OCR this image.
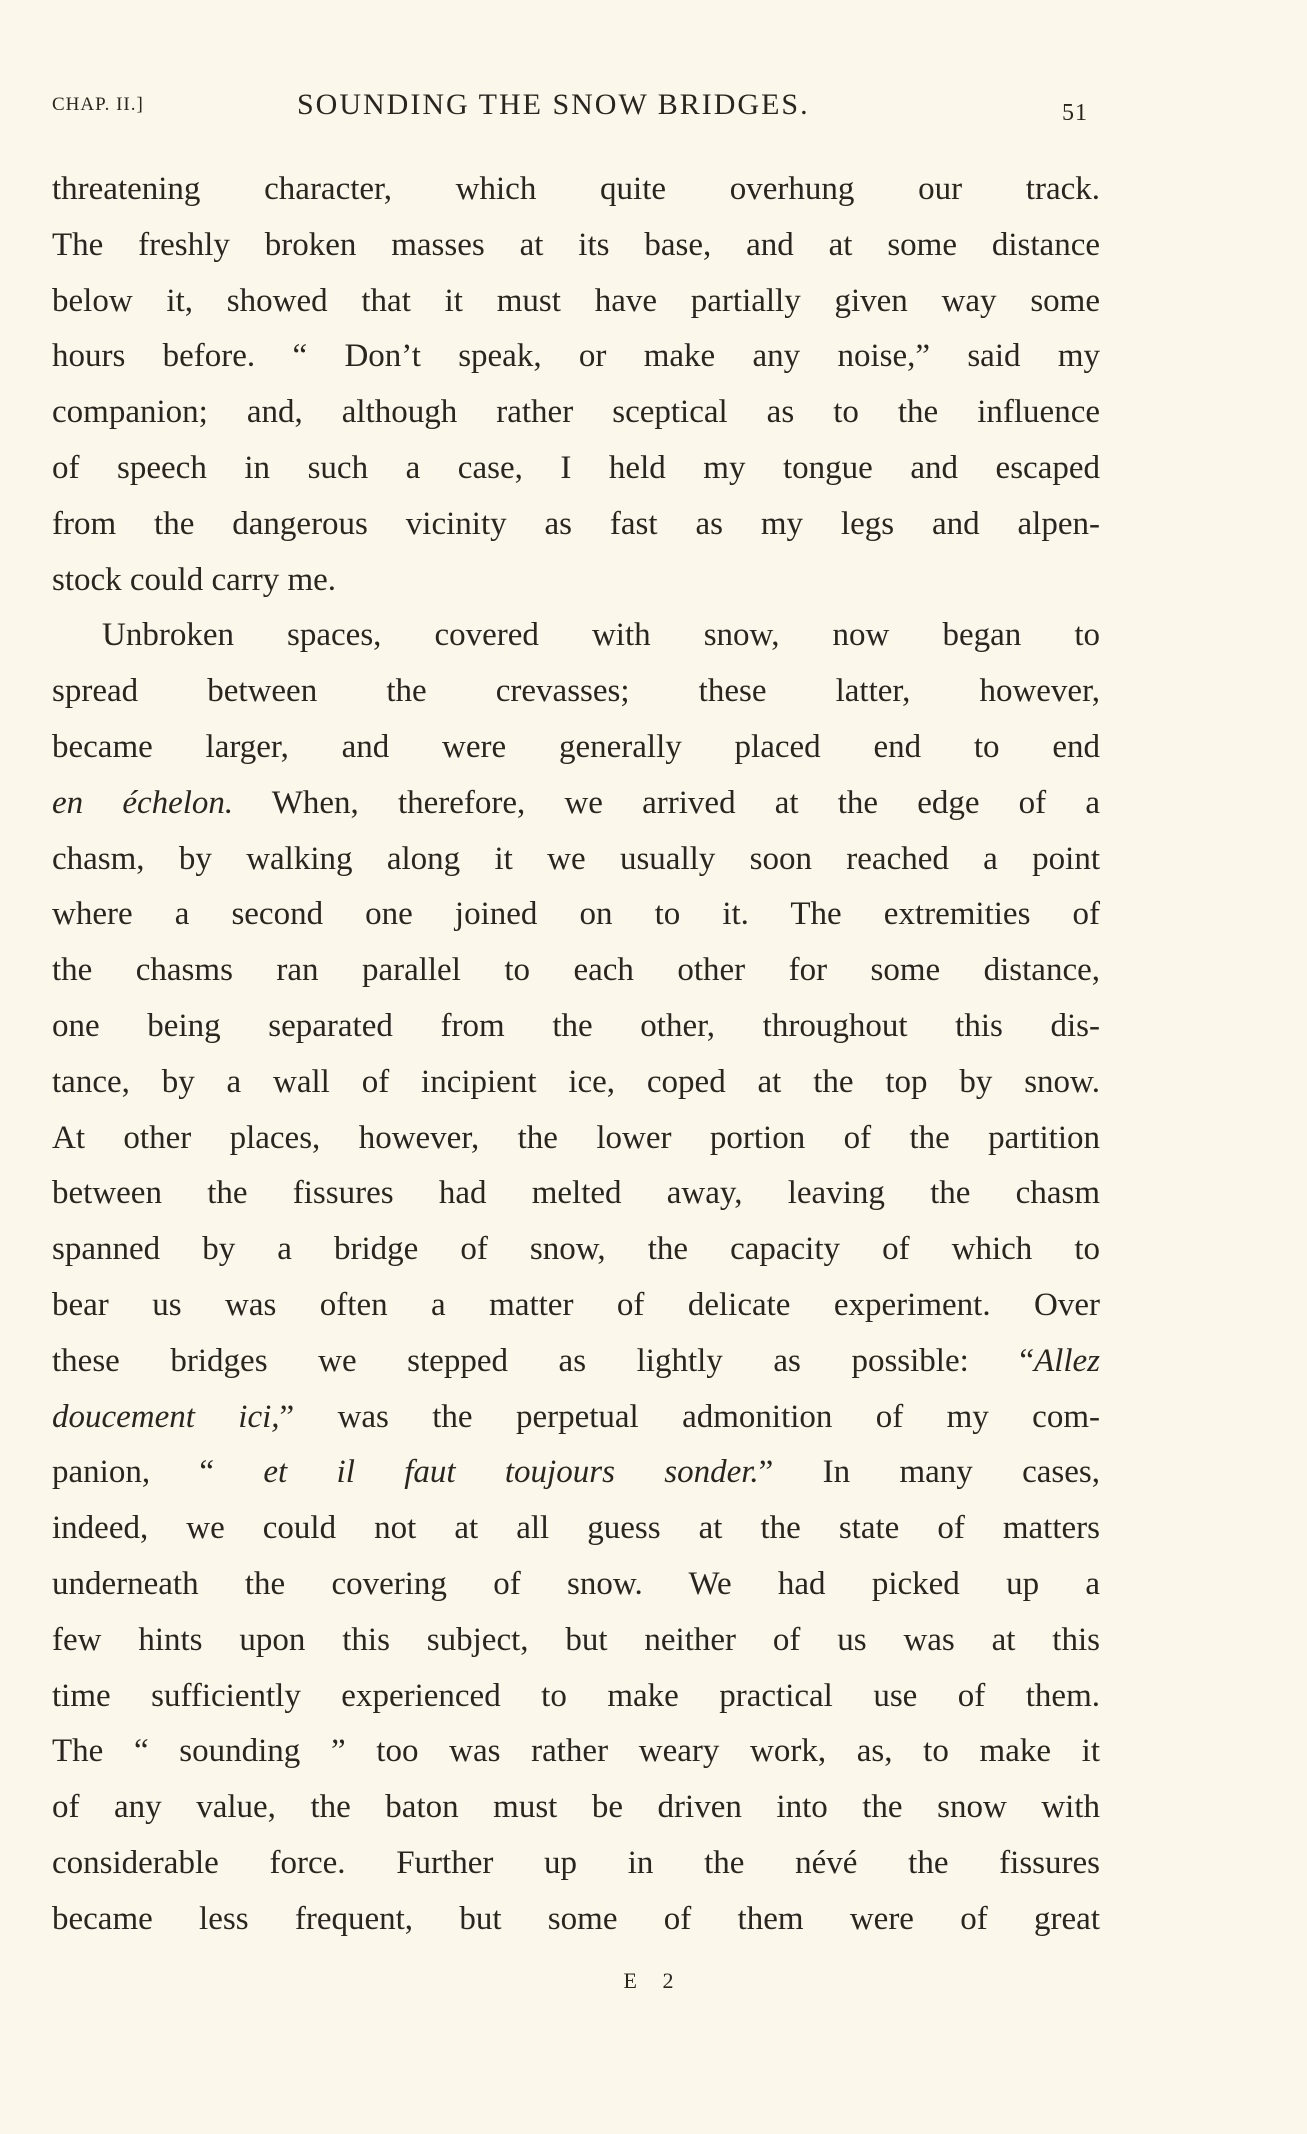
CHAP. II.]	SOUNDING THE SNOW BRIDGES.	51
threatening character, which quite overhung our track.
The freshly broken masses at its base, and at some distance
below it, showed that it must have partially given way some
hours before. “ Don’t speak, or make any noise,” said my
companion; and, although rather sceptical as to the influence
of speech in such a case, I held my tongue and escaped
from the dangerous vicinity as fast as my legs and alpen-
stock could carry me.
Unbroken spaces, covered with snow, now began to
spread between the crevasses; these latter, however,
became larger, and were generally placed end to end
en échelon. When, therefore, we arrived at the edge of a
chasm, by walking along it we usually soon reached a point
where a second one joined on to it. The extremities of
the chasms ran parallel to each other for some distance,
one being separated from the other, throughout this dis-
tance, by a wall of incipient ice, coped at the top by snow.
At other places, however, the lower portion of the partition
between the fissures had melted away, leaving the chasm
spanned by a bridge of snow, the capacity of which to
bear us was often a matter of delicate experiment. Over
these bridges we stepped as lightly as possible: “Allez
doucement ici,” was the perpetual admonition of my com-
panion, “ et il faut toujours sonder.” In many cases,
indeed, we could not at all guess at the state of matters
underneath the covering of snow. We had picked up a
few hints upon this subject, but neither of us was at this
time sufficiently experienced to make practical use of them.
The “ sounding ” too was rather weary work, as, to make it
of any value, the baton must be driven into the snow with
considerable force. Further up in the névé the fissures
became less frequent, but some of them were of great
E 2
